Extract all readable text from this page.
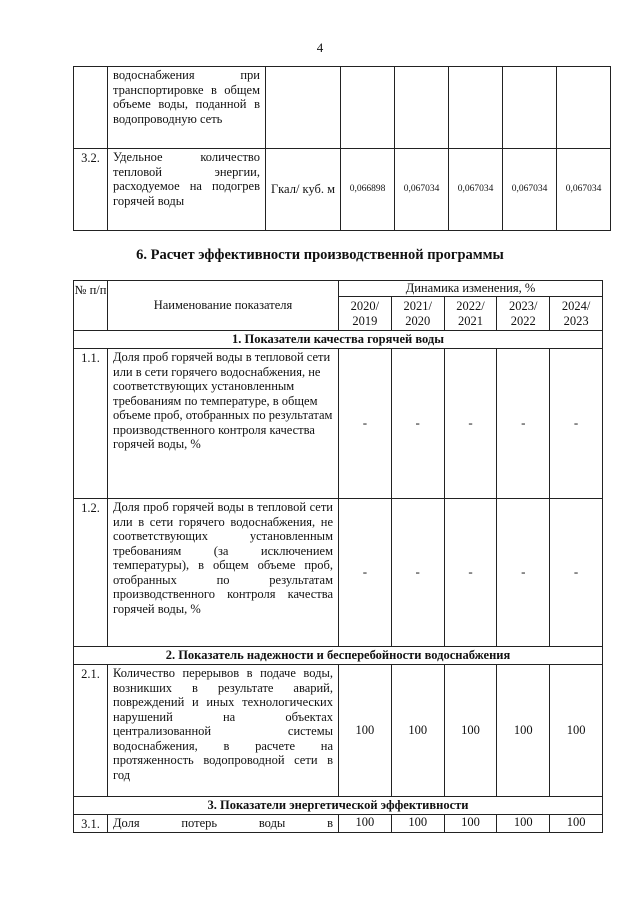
4
	водоснабжения при транспортировке в общем объеме воды, поданной в водопроводную сеть						
3.2.	Удельное количество тепловой энергии, расходуемое на подогрев горячей воды	Гкал/ куб. м	0,066898	0,067034	0,067034	0,067034	0,067034
6. Расчет эффективности производственной программы
№ п/п	Наименование показателя	Динамика изменения, %				
		2020/ 2019	2021/ 2020	2022/ 2021	2023/ 2022	2024/ 2023
1. Показатели качества горячей воды						
1.1.	Доля проб горячей воды в тепловой сети или в сети горячего водоснабжения, не соответствующих установленным требованиям по температуре, в общем объеме проб, отобранных по результатам производственного контроля качества горячей воды, %	-	-	-	-	-
1.2.	Доля проб горячей воды в тепловой сети или в сети горячего водоснабжения, не соответствующих установленным требованиям (за исключением температуры), в общем объеме проб, отобранных по результатам производственного контроля качества горячей воды, %	-	-	-	-	-
2. Показатель надежности и бесперебойности водоснабжения						
2.1.	Количество перерывов в подаче воды, возникших в результате аварий, повреждений и иных технологических нарушений на объектах централизованной системы водоснабжения, в расчете на протяженность водопроводной сети в год	100	100	100	100	100
3. Показатели энергетической эффективности						
3.1.	Доля потерь воды в	100	100	100	100	100
